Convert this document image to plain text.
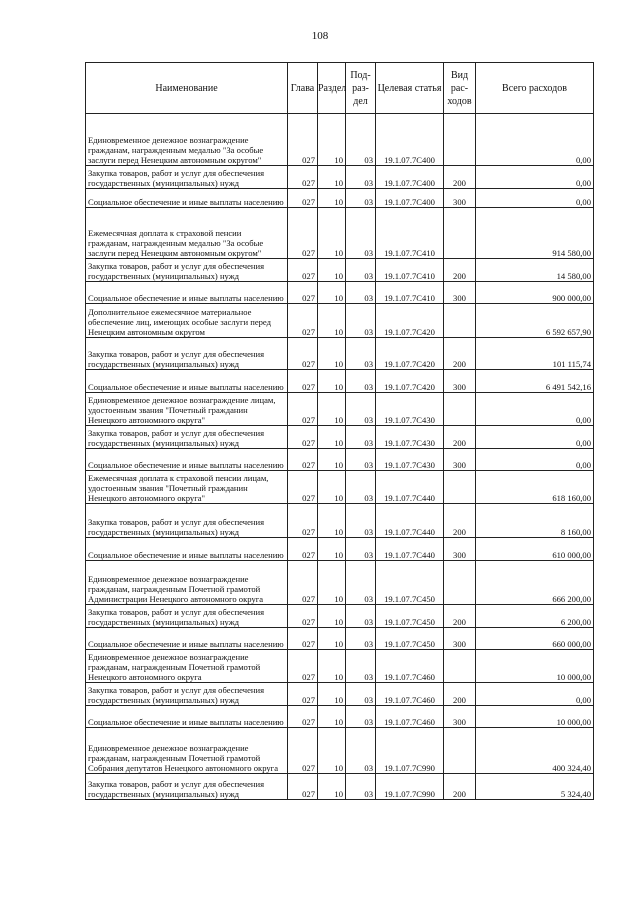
108
Наименование	Глава	Раздел	Под-раз-дел	Целевая статья	Вид рас-ходов	Всего расходов
Единовременное денежное вознаграждение гражданам, награжденным медалью "За особые заслуги перед Ненецким автономным округом"	027	10	03	19.1.07.7С400		0,00
Закупка товаров, работ и услуг для обеспечения государственных (муниципальных) нужд	027	10	03	19.1.07.7С400	200	0,00
Социальное обеспечение и иные выплаты населению	027	10	03	19.1.07.7С400	300	0,00
Ежемесячная доплата к страховой пенсии гражданам, награжденным медалью "За особые заслуги перед Ненецким автономным округом"	027	10	03	19.1.07.7С410		914 580,00
Закупка товаров, работ и услуг для обеспечения государственных (муниципальных) нужд	027	10	03	19.1.07.7С410	200	14 580,00
Социальное обеспечение и иные выплаты населению	027	10	03	19.1.07.7С410	300	900 000,00
Дополнительное ежемесячное материальное обеспечение лиц, имеющих особые заслуги перед Ненецким автономным округом	027	10	03	19.1.07.7С420		6 592 657,90
Закупка товаров, работ и услуг для обеспечения государственных (муниципальных) нужд	027	10	03	19.1.07.7С420	200	101 115,74
Социальное обеспечение и иные выплаты населению	027	10	03	19.1.07.7С420	300	6 491 542,16
Единовременное денежное вознаграждение лицам, удостоенным звания "Почетный гражданин Ненецкого автономного округа"	027	10	03	19.1.07.7С430		0,00
Закупка товаров, работ и услуг для обеспечения государственных (муниципальных) нужд	027	10	03	19.1.07.7С430	200	0,00
Социальное обеспечение и иные выплаты населению	027	10	03	19.1.07.7С430	300	0,00
Ежемесячная доплата к страховой пенсии лицам, удостоенным звания "Почетный гражданин Ненецкого автономного округа"	027	10	03	19.1.07.7С440		618 160,00
Закупка товаров, работ и услуг для обеспечения государственных (муниципальных) нужд	027	10	03	19.1.07.7С440	200	8 160,00
Социальное обеспечение и иные выплаты населению	027	10	03	19.1.07.7С440	300	610 000,00
Единовременное денежное вознаграждение гражданам, награжденным Почетной грамотой Администрации Ненецкого автономного округа	027	10	03	19.1.07.7С450		666 200,00
Закупка товаров, работ и услуг для обеспечения государственных (муниципальных) нужд	027	10	03	19.1.07.7С450	200	6 200,00
Социальное обеспечение и иные выплаты населению	027	10	03	19.1.07.7С450	300	660 000,00
Единовременное денежное вознаграждение гражданам, награжденным Почетной грамотой Ненецкого автономного округа	027	10	03	19.1.07.7С460		10 000,00
Закупка товаров, работ и услуг для обеспечения государственных (муниципальных) нужд	027	10	03	19.1.07.7С460	200	0,00
Социальное обеспечение и иные выплаты населению	027	10	03	19.1.07.7С460	300	10 000,00
Единовременное денежное вознаграждение гражданам, награжденным Почетной грамотой Собрания депутатов Ненецкого автономного округа	027	10	03	19.1.07.7С990		400 324,40
Закупка товаров, работ и услуг для обеспечения государственных (муниципальных) нужд	027	10	03	19.1.07.7С990	200	5 324,40
